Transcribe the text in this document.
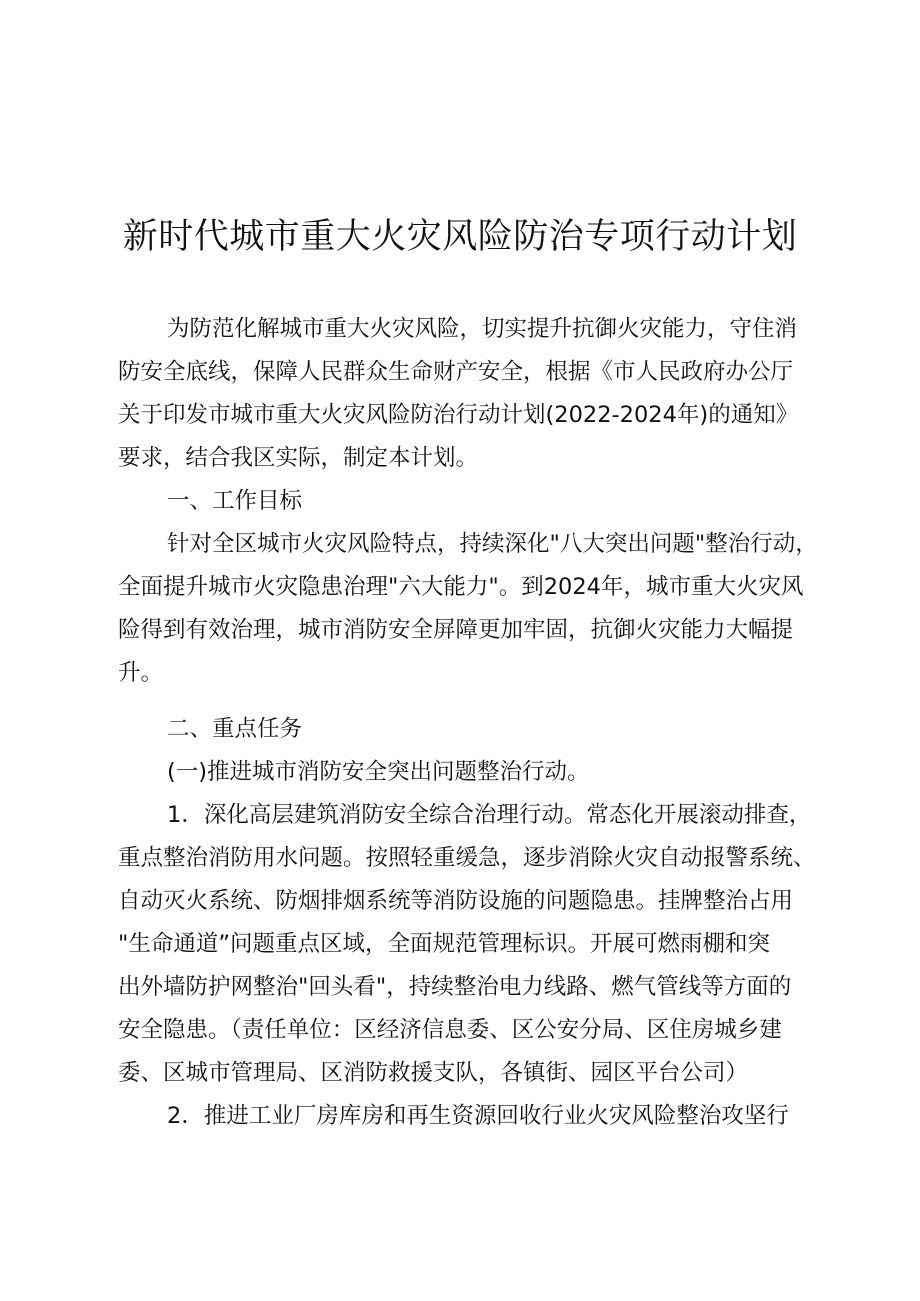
新时代城市重大火灾风险防治专项行动计划

为防范化解城市重大火灾风险，切实提升抗御火灾能力，守住消

防安全底线，保障人民群众生命财产安全，根据《市人民政府办公厅

关于印发市城市重大火灾风险防治行动计划(2022-2024年)的通知》

要求，结合我区实际，制定本计划。

一、工作目标

针对全区城市火灾风险特点，持续深化"八大突出问题"整治行动，

全面提升城市火灾隐患治理"六大能力"。到2024年，城市重大火灾风

险得到有效治理，城市消防安全屏障更加牢固，抗御火灾能力大幅提

升。

二、重点任务

(一)推进城市消防安全突出问题整治行动。

1．深化高层建筑消防安全综合治理行动。常态化开展滚动排查，

重点整治消防用水问题。按照轻重缓急，逐步消除火灾自动报警系统、

自动灭火系统、防烟排烟系统等消防设施的问题隐患。挂牌整治占用

"生命通道”问题重点区域，全面规范管理标识。开展可燃雨棚和突

出外墙防护网整治"回头看"，持续整治电力线路、燃气管线等方面的

安全隐患。（责任单位：区经济信息委、区公安分局、区住房城乡建

委、区城市管理局、区消防救援支队，各镇街、园区平台公司）

2．推进工业厂房库房和再生资源回收行业火灾风险整治攻坚行
